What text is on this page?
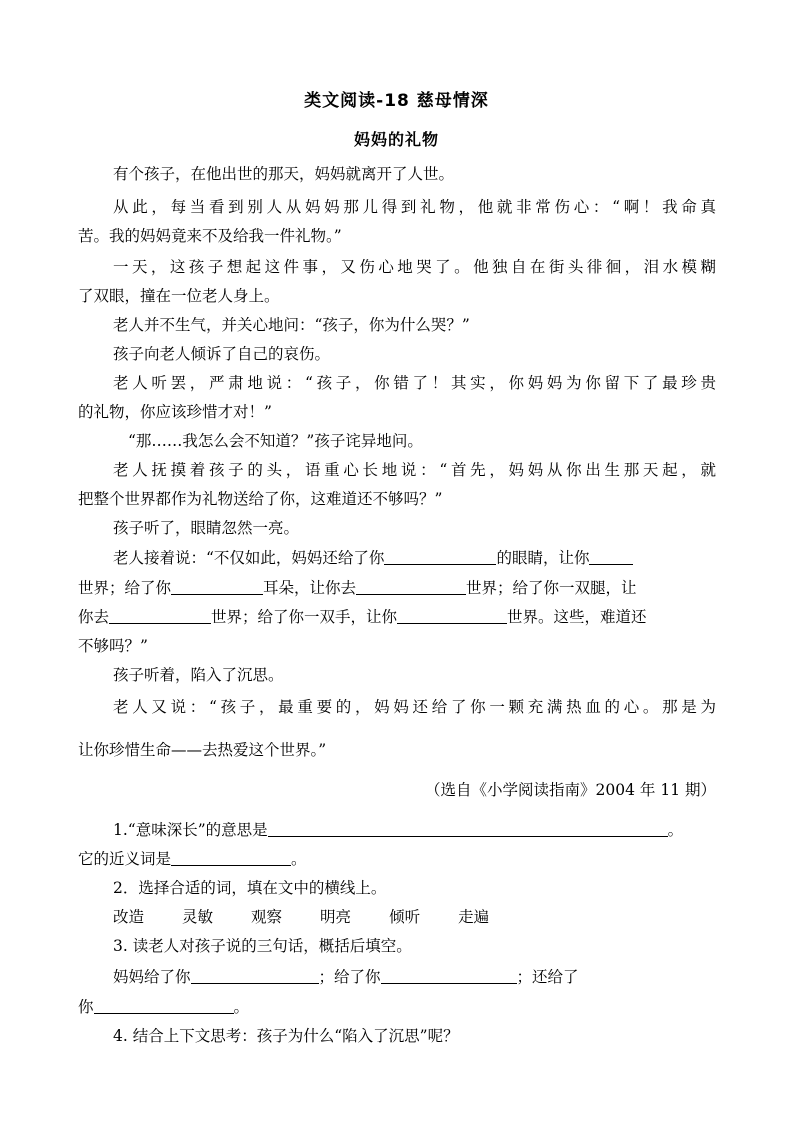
类文阅读-18 慈母情深
妈妈的礼物
有个孩子，在他出世的那天，妈妈就离开了人世。
从此，每当看到别人从妈妈那儿得到礼物，他就非常伤心：“啊！我命真
苦。我的妈妈竟来不及给我一件礼物。”
一天，这孩子想起这件事，又伤心地哭了。他独自在街头徘徊，泪水模糊
了双眼，撞在一位老人身上。
老人并不生气，并关心地问：“孩子，你为什么哭？”
孩子向老人倾诉了自己的哀伤。
老人听罢，严肃地说：“孩子，你错了！其实，你妈妈为你留下了最珍贵
的礼物，你应该珍惜才对！”
“那……我怎么会不知道？”孩子诧异地问。
老人抚摸着孩子的头，语重心长地说：“首先，妈妈从你出生那天起，就
把整个世界都作为礼物送给了你，这难道还不够吗？”
孩子听了，眼睛忽然一亮。
老人接着说：“不仅如此，妈妈还给了你	的眼睛，让你
世界；给了你	耳朵，让你去	世界；给了你一双腿，让
你去	世界；给了你一双手，让你	世界。这些，难道还
不够吗？”
孩子听着，陷入了沉思。
老人又说：“孩子，最重要的，妈妈还给了你一颗充满热血的心。那是为
让你珍惜生命——去热爱这个世界。”
（选自《小学阅读指南》2004 年 11 期）
1.“意味深长”的意思是	。
它的近义词是	。
2．选择合适的词，填在文中的横线上。
改造 灵敏 观察 明亮 倾听 走遍
3. 读老人对孩子说的三句话，概括后填空。
妈妈给了你	；给了你	；还给了
你	。
4. 结合上下文思考：孩子为什么“陷入了沉思”呢？
